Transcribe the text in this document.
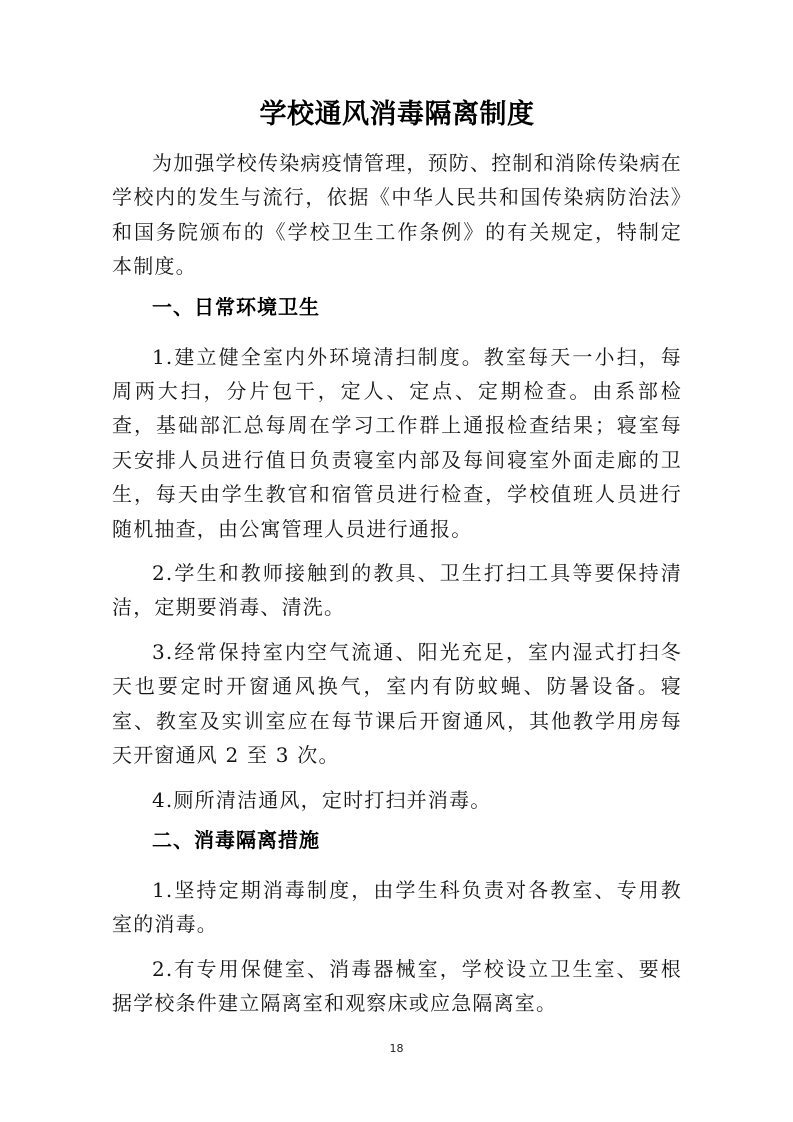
学校通风消毒隔离制度

为加强学校传染病疫情管理，预防、控制和消除传染病在学校内的发生与流行，依据《中华人民共和国传染病防治法》和国务院颁布的《学校卫生工作条例》的有关规定，特制定本制度。

一、日常环境卫生

1.建立健全室内外环境清扫制度。教室每天一小扫，每周两大扫，分片包干，定人、定点、定期检查。由系部检查，基础部汇总每周在学习工作群上通报检查结果；寝室每天安排人员进行值日负责寝室内部及每间寝室外面走廊的卫生，每天由学生教官和宿管员进行检查，学校值班人员进行随机抽查，由公寓管理人员进行通报。

2.学生和教师接触到的教具、卫生打扫工具等要保持清洁，定期要消毒、清洗。

3.经常保持室内空气流通、阳光充足，室内湿式打扫冬天也要定时开窗通风换气，室内有防蚊蝇、防暑设备。寝室、教室及实训室应在每节课后开窗通风，其他教学用房每天开窗通风 2 至 3 次。

4.厕所清洁通风，定时打扫并消毒。

二、消毒隔离措施

1.坚持定期消毒制度，由学生科负责对各教室、专用教室的消毒。

2.有专用保健室、消毒器械室，学校设立卫生室、要根据学校条件建立隔离室和观察床或应急隔离室。

18
